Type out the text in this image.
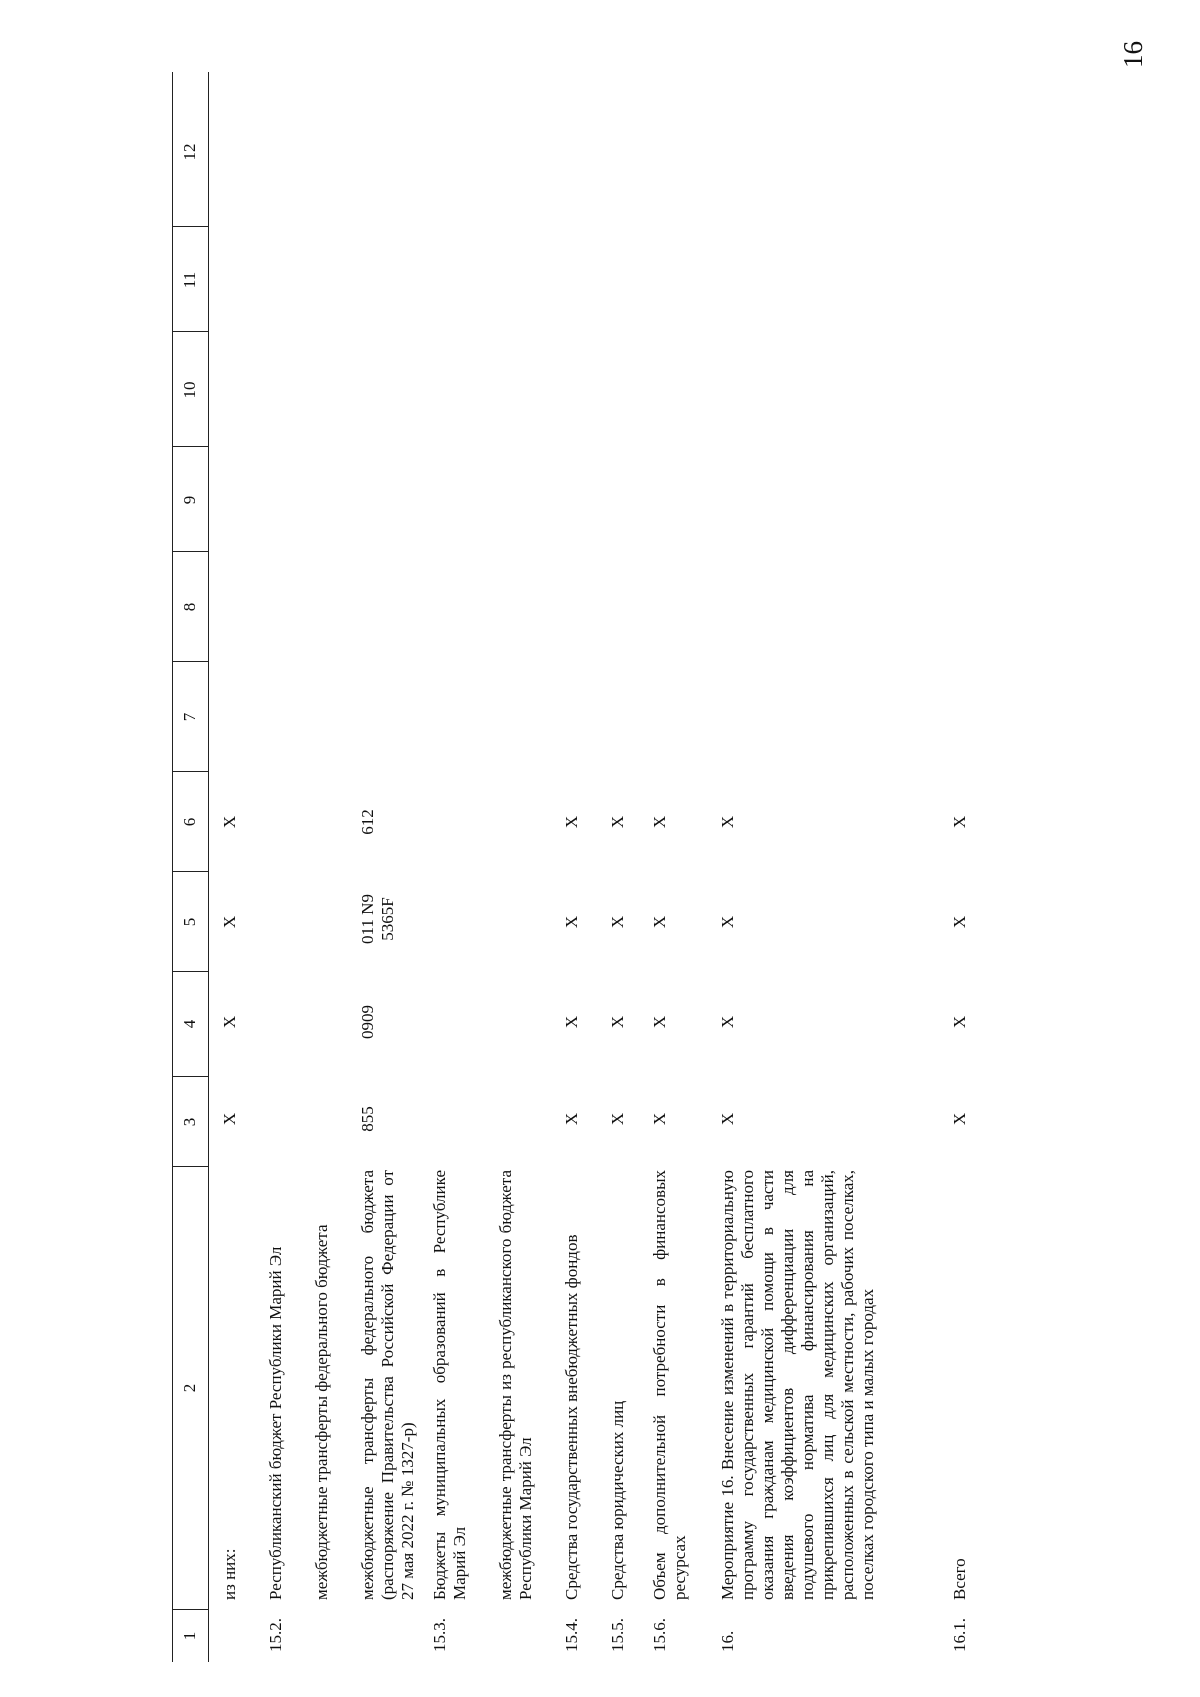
16
1
2
3
4
5
6
7
8
9
10
11
12
из них:
X
X
X
X
15.2.
Республиканский бюджет Республики Марий Эл межбюджетные трансферты федерального бюджета межбюджетные трансферты федерального бюджета (распоряжение Правительства Российской Федерации от 27 мая 2022 г. № 1327-р)
855
0909
011 N9 5365F
612
15.3.
Бюджеты муниципальных образований в Республике Марий Эл межбюджетные трансферты из республиканского бюджета Республики Марий Эл
15.4.
Средства государственных внебюджетных фондов
X
X
X
X
15.5.
Средства юридических лиц
X
X
X
X
15.6.
Объем дополнительной потребности в финансовых ресурсах
X
X
X
X
16.
Мероприятие 16. Внесение изменений в территориальную программу государственных гарантий бесплатного оказания гражданам медицинской помощи в части введения коэффициентов дифференциации для подушевого норматива финансирования на прикрепившихся лиц для медицинских организаций, расположенных в сельской местности, рабочих поселках, поселках городского типа и малых городах
X
X
X
X
16.1.
Всего
X
X
X
X
